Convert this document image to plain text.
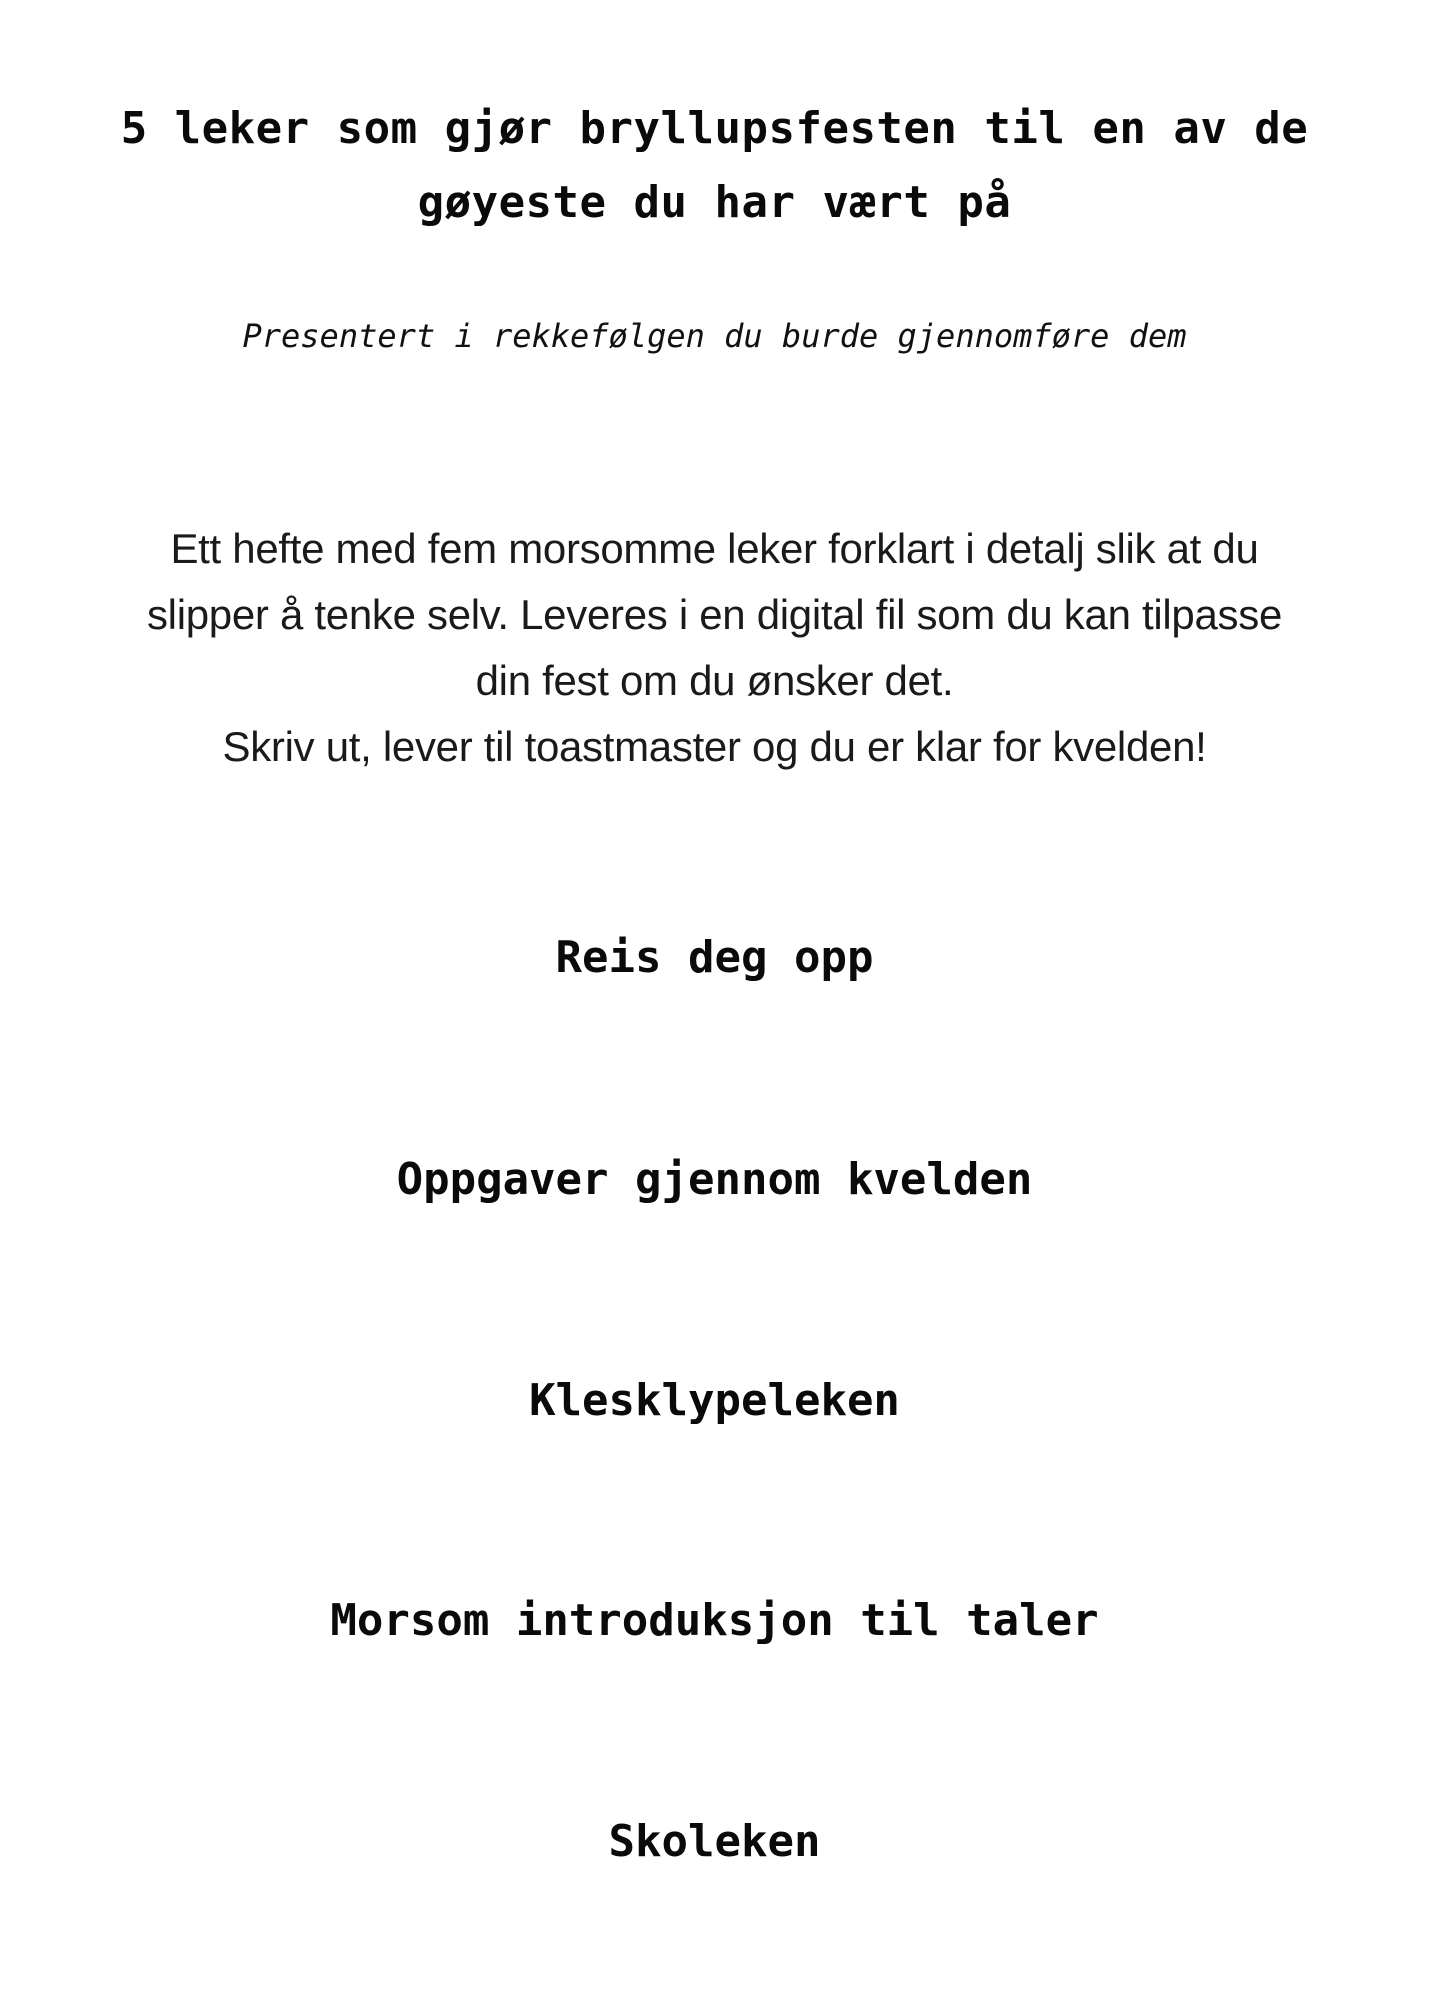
5 leker som gjør bryllupsfesten til en av de
gøyeste du har vært på
Presentert i rekkefølgen du burde gjennomføre dem
Ett hefte med fem morsomme leker forklart i detalj slik at du
slipper å tenke selv. Leveres i en digital fil som du kan tilpasse
din fest om du ønsker det.
Skriv ut, lever til toastmaster og du er klar for kvelden!
Reis deg opp
Oppgaver gjennom kvelden
Klesklypeleken
Morsom introduksjon til taler
Skoleken
